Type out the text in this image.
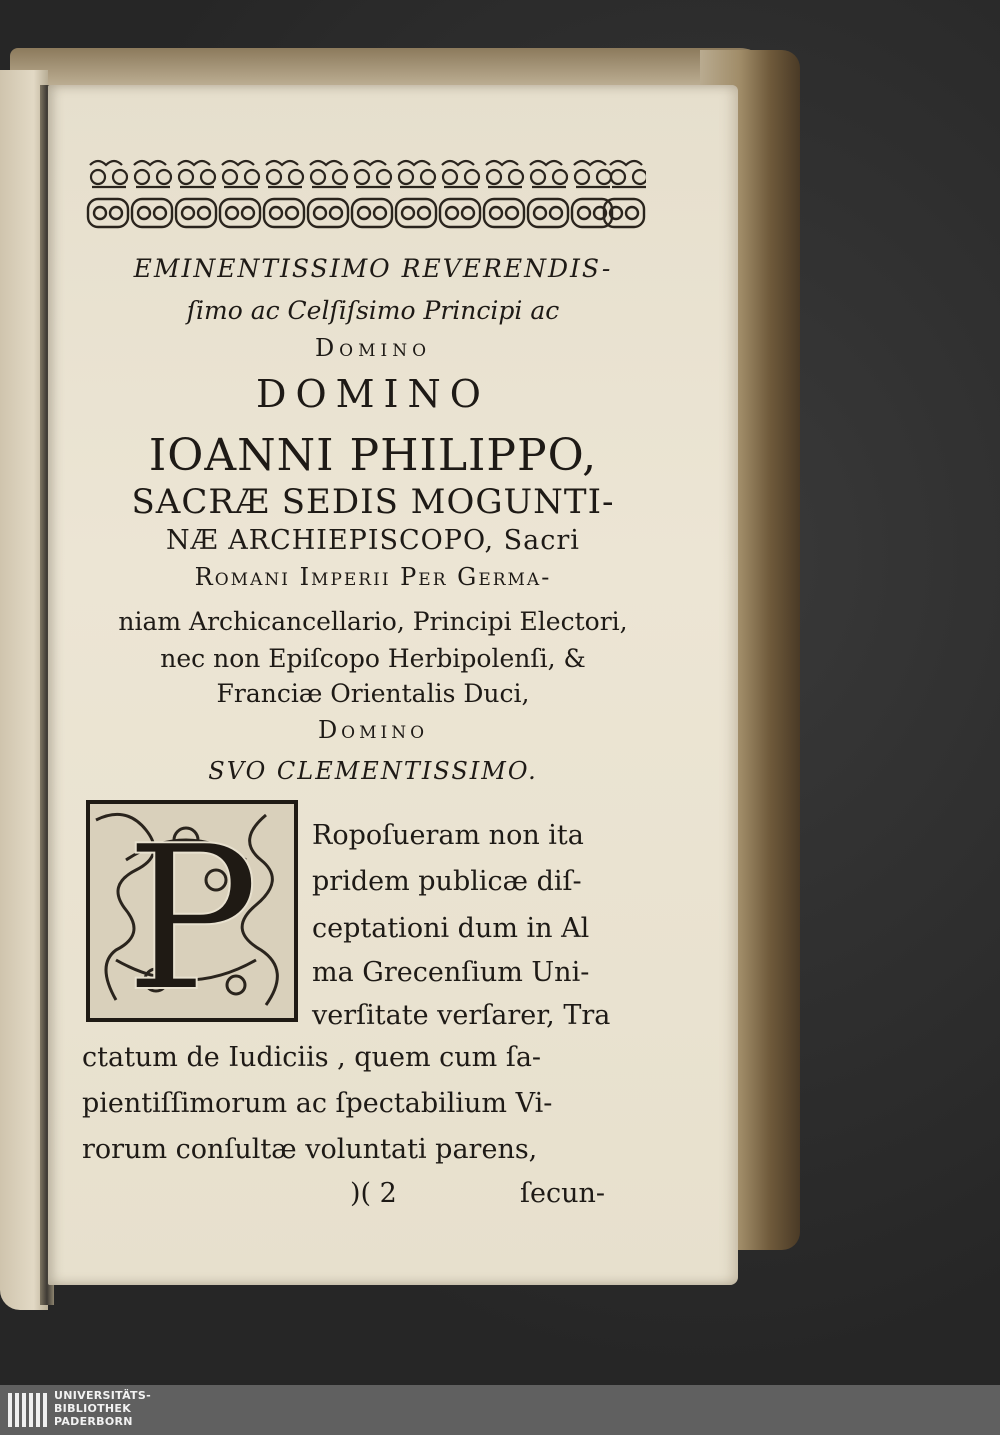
EMINENTISSIMO REVERENDIS-
ſimo ac Celſiſsimo Principi ac
Domino
DOMINO
IOANNI PHILIPPO,
SACRÆ SEDIS MOGUNTI-
NÆ ARCHIEPISCOPO, Sacri
Romani Imperii Per Germa-
niam Archicancellario, Principi Electori,
nec non Epiſcopo Herbipolenſi, &
Franciæ Orientalis Duci,
Domino
SVO CLEMENTISSIMO.
P Ropoſueram non ita
pridem publicæ diſ-
ceptationi dum in Al
ma Grecenſium Uni-
verſitate verſarer, Tra
ctatum de Iudiciis , quem cum ſa-
pientiſſimorum ac ſpectabilium Vi-
rorum conſultæ voluntati parens,
)( 2	ſecun-
UNIVERSITÄTS-
BIBLIOTHEK
PADERBORN
